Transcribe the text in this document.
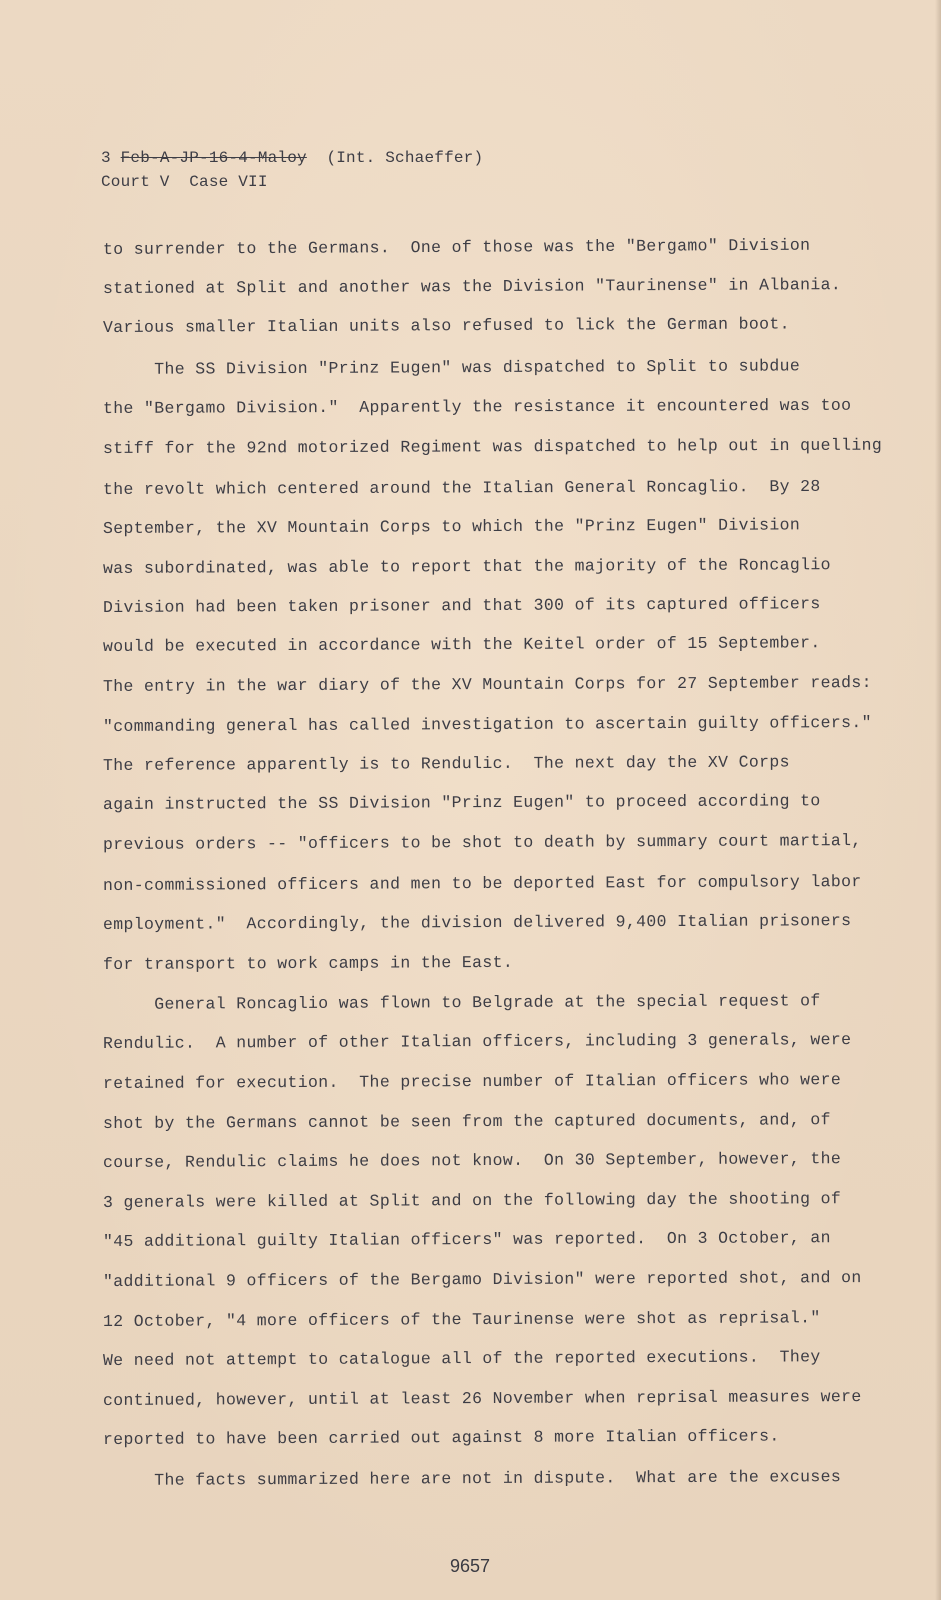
3 Feb-A-JP-16-4-Maloy  (Int. Schaeffer)
Court V  Case VII
to surrender to the Germans.  One of those was the "Bergamo" Division
stationed at Split and another was the Division "Taurinense" in Albania.
Various smaller Italian units also refused to lick the German boot.
The SS Division "Prinz Eugen" was dispatched to Split to subdue
the "Bergamo Division."  Apparently the resistance it encountered was too
stiff for the 92nd motorized Regiment was dispatched to help out in quelling
the revolt which centered around the Italian General Roncaglio.  By 28
September, the XV Mountain Corps to which the "Prinz Eugen" Division
was subordinated, was able to report that the majority of the Roncaglio
Division had been taken prisoner and that 300 of its captured officers
would be executed in accordance with the Keitel order of 15 September.
The entry in the war diary of the XV Mountain Corps for 27 September reads:
"commanding general has called investigation to ascertain guilty officers."
The reference apparently is to Rendulic.  The next day the XV Corps
again instructed the SS Division "Prinz Eugen" to proceed according to
previous orders -- "officers to be shot to death by summary court martial,
non-commissioned officers and men to be deported East for compulsory labor
employment."  Accordingly, the division delivered 9,400 Italian prisoners
for transport to work camps in the East.
General Roncaglio was flown to Belgrade at the special request of
Rendulic.  A number of other Italian officers, including 3 generals, were
retained for execution.  The precise number of Italian officers who were
shot by the Germans cannot be seen from the captured documents, and, of
course, Rendulic claims he does not know.  On 30 September, however, the
3 generals were killed at Split and on the following day the shooting of
"45 additional guilty Italian officers" was reported.  On 3 October, an
"additional 9 officers of the Bergamo Division" were reported shot, and on
12 October, "4 more officers of the Taurinense were shot as reprisal."
We need not attempt to catalogue all of the reported executions.  They
continued, however, until at least 26 November when reprisal measures were
reported to have been carried out against 8 more Italian officers.
The facts summarized here are not in dispute.  What are the excuses
9657
